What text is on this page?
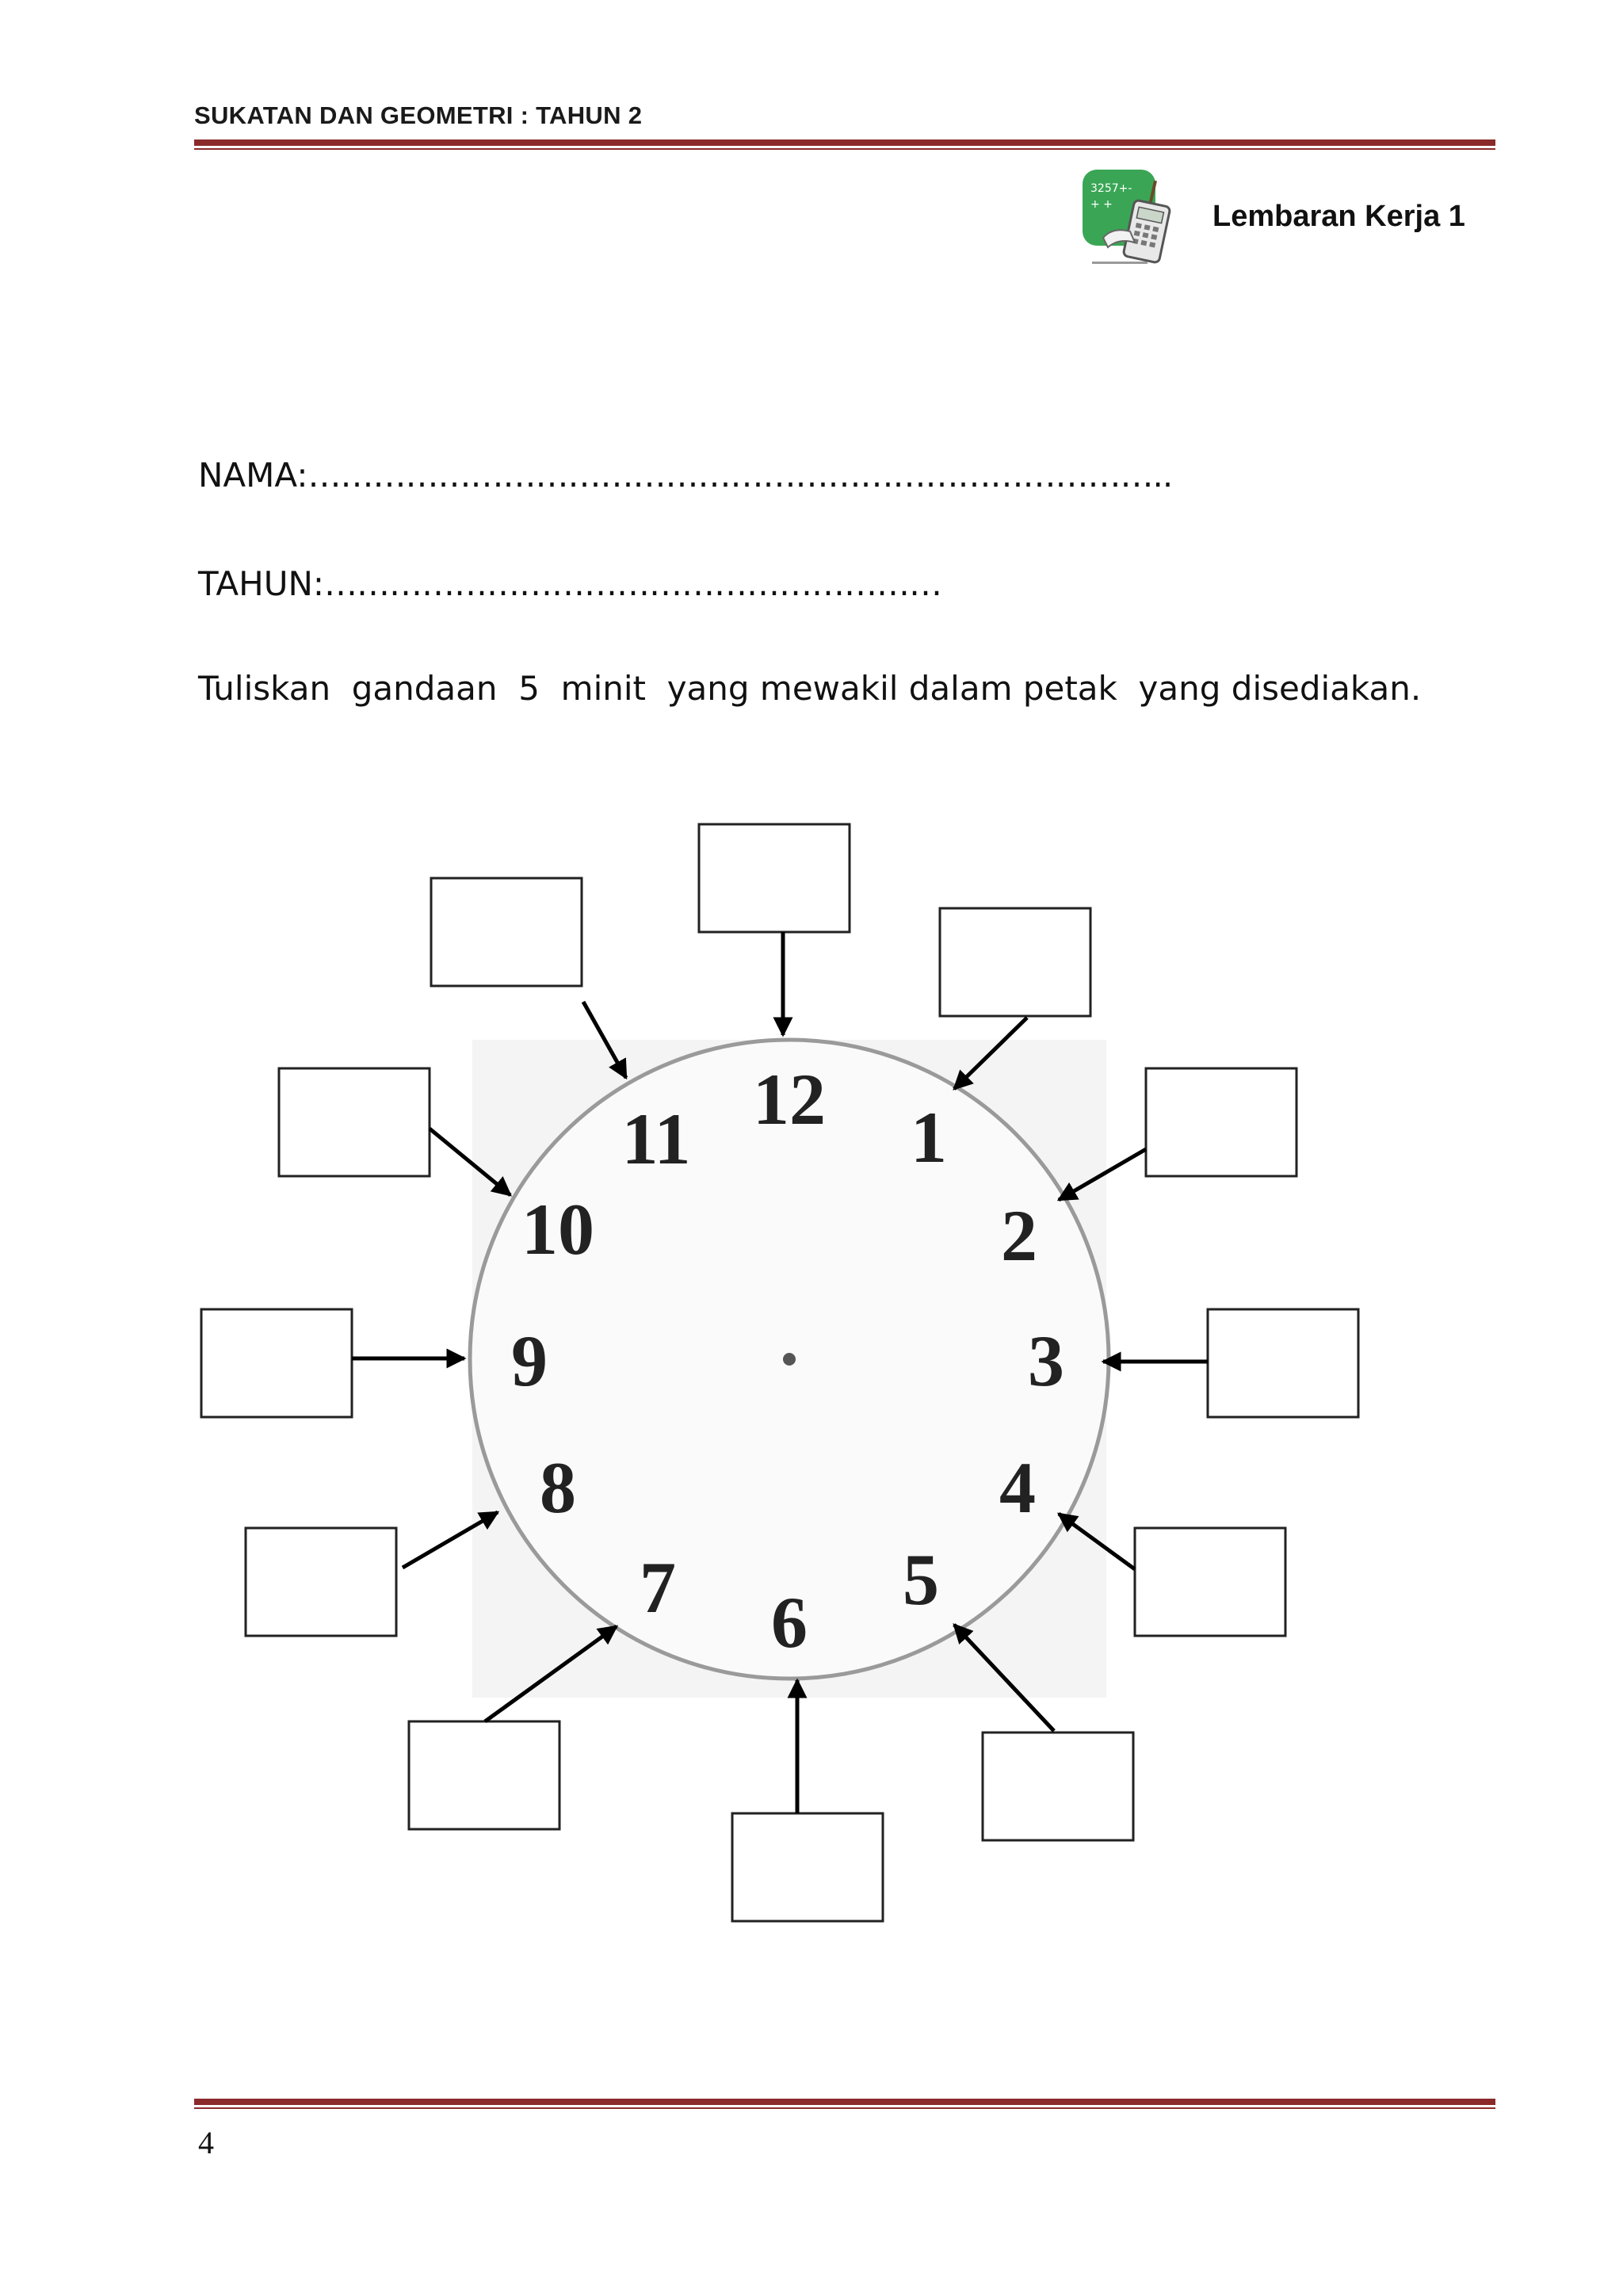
SUKATAN DAN GEOMETRI : TAHUN 2
3257+-
+ +	Lembaran Kerja 1
NAMA:……………………………………………………………………..
TAHUN:…………………………………………………
Tuliskan  gandaan  5  minit  yang mewakil dalam petak  yang disediakan.
12 1
2
3
4
5
6
7
8
9
10
11
4
